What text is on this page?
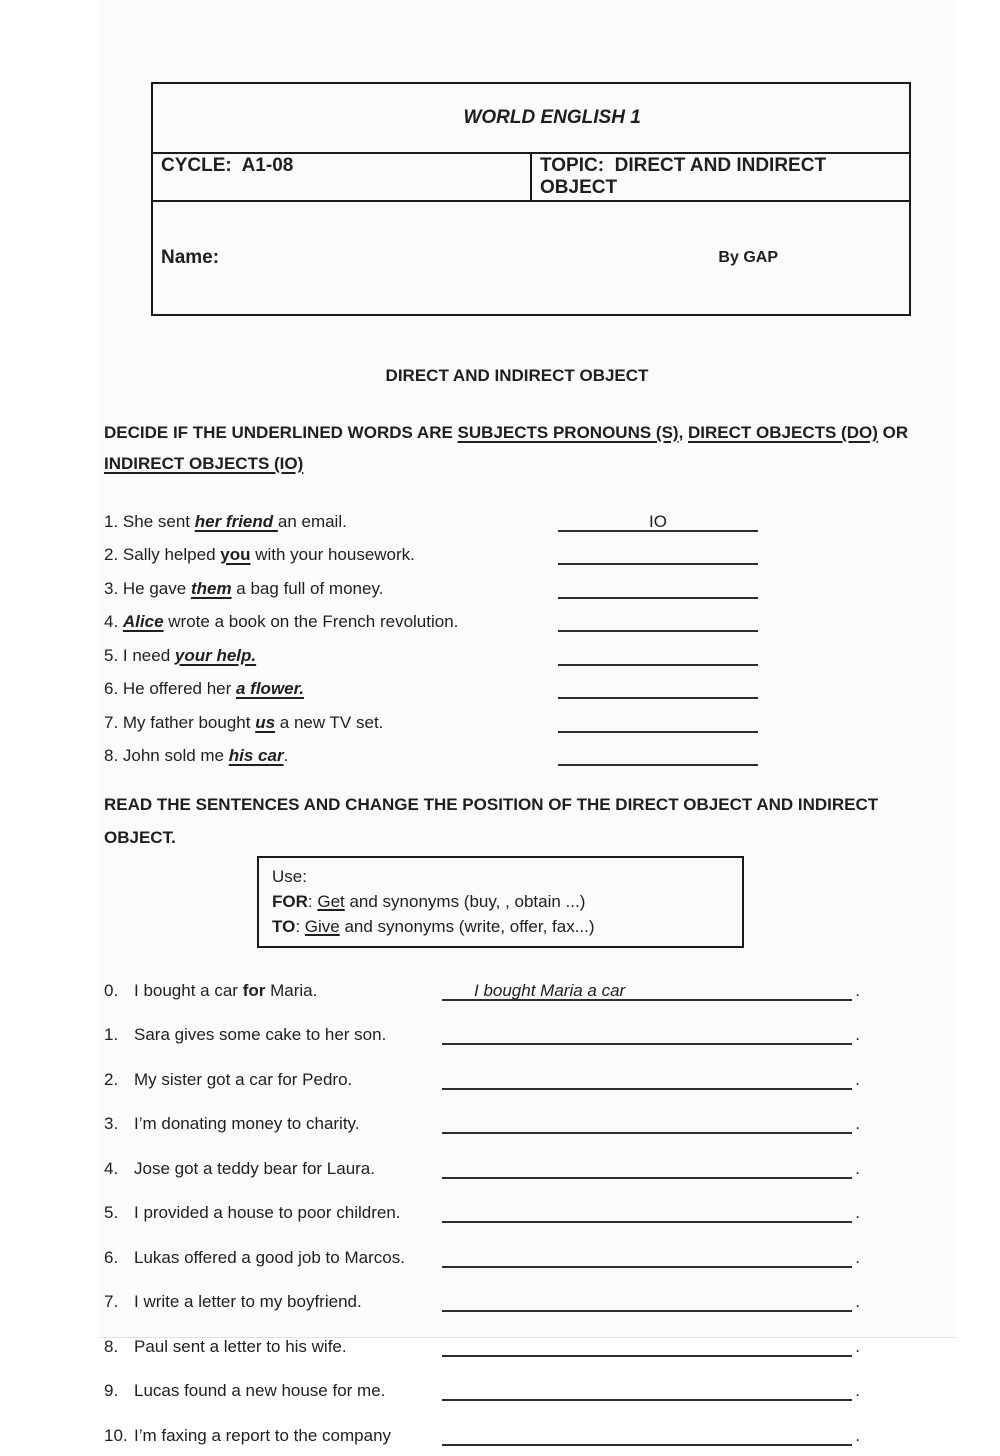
WORLD ENGLISH 1

CYCLE:  A1-08	TOPIC:  DIRECT AND INDIRECT OBJECT

Name:	By GAP

DIRECT AND INDIRECT OBJECT
DECIDE IF THE UNDERLINED WORDS ARE SUBJECTS PRONOUNS (S), DIRECT OBJECTS (DO) OR INDIRECT OBJECTS (IO)
1. She sent her friend an email.	IO
2. Sally helped you with your housework.
3. He gave them a bag full of money.
4. Alice wrote a book on the French revolution.
5. I need your help.
6. He offered her a flower.
7. My father bought us a new TV set.
8. John sold me his car.
READ THE SENTENCES AND CHANGE THE POSITION OF THE DIRECT OBJECT AND INDIRECT OBJECT.
Use:
FOR: Get and synonyms (buy, , obtain ...)
TO: Give and synonyms (write, offer, fax...)
0. I bought a car for Maria.	I bought Maria a car	.
1. Sara gives some cake to her son.	.
2. My sister got a car for Pedro.	.
3. I’m donating money to charity.	.
4. Jose got a teddy bear for Laura.	.
5. I provided a house to poor children.	.
6. Lukas offered a good job to Marcos.	.
7. I write a letter to my boyfriend.	.
8. Paul sent a letter to his wife.	.
9. Lucas found a new house for me.	.
10. I’m faxing a report to the company	.
